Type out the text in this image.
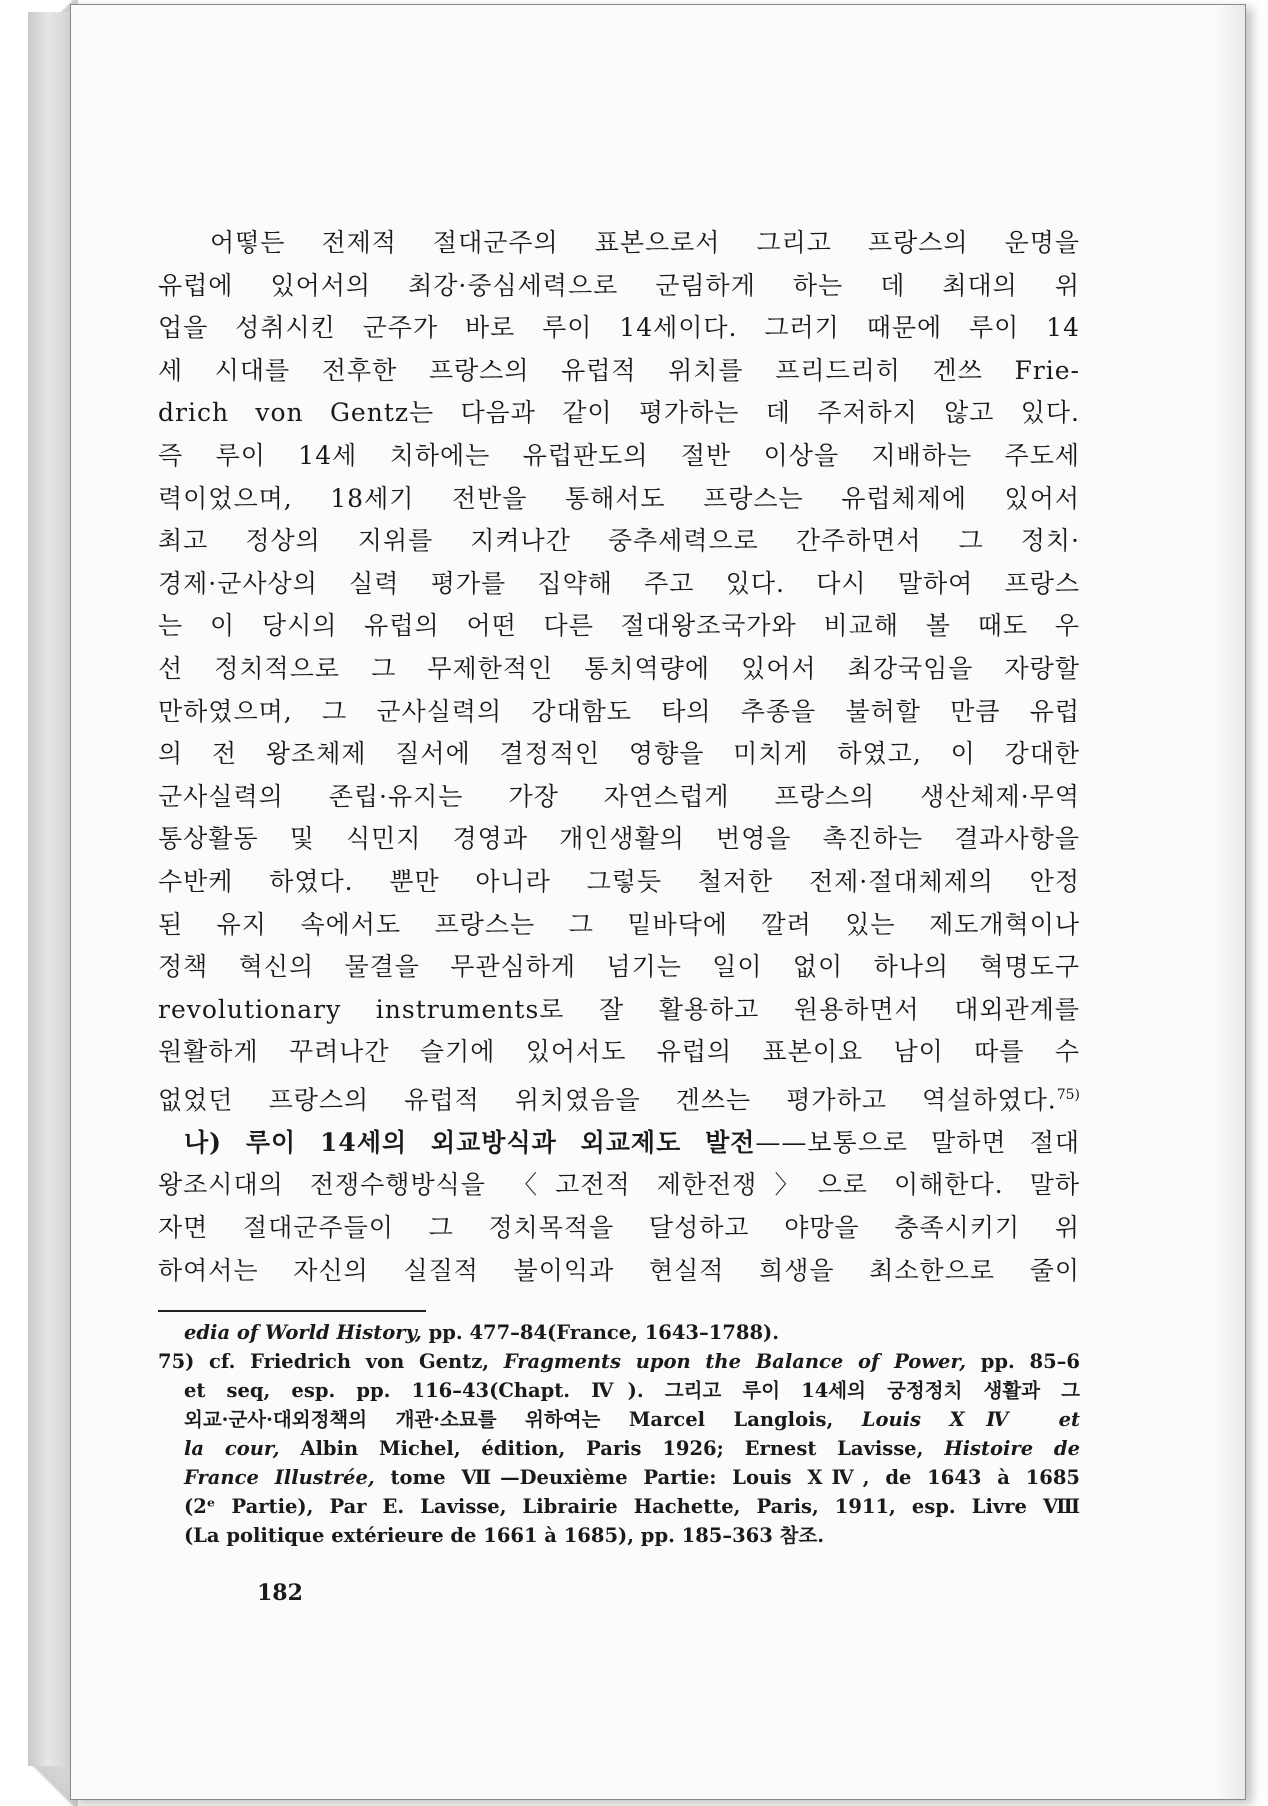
어떻든 전제적 절대군주의 표본으로서 그리고 프랑스의 운명을

유럽에 있어서의 최강·중심세력으로 군림하게 하는 데 최대의 위

업을 성취시킨 군주가 바로 루이 14세이다. 그러기 때문에 루이 14

세 시대를 전후한 프랑스의 유럽적 위치를 프리드리히 겐쓰 Frie-

drich von Gentz는 다음과 같이 평가하는 데 주저하지 않고 있다.

즉 루이 14세 치하에는 유럽판도의 절반 이상을 지배하는 주도세

력이었으며, 18세기 전반을 통해서도 프랑스는 유럽체제에 있어서

최고 정상의 지위를 지켜나간 중추세력으로 간주하면서 그 정치·

경제·군사상의 실력 평가를 집약해 주고 있다. 다시 말하여 프랑스

는 이 당시의 유럽의 어떤 다른 절대왕조국가와 비교해 볼 때도 우

선 정치적으로 그 무제한적인 통치역량에 있어서 최강국임을 자랑할

만하였으며, 그 군사실력의 강대함도 타의 추종을 불허할 만큼 유럽

의 전 왕조체제 질서에 결정적인 영향을 미치게 하였고, 이 강대한

군사실력의 존립·유지는 가장 자연스럽게 프랑스의 생산체제·무역

통상활동 및 식민지 경영과 개인생활의 번영을 촉진하는 결과사항을

수반케 하였다. 뿐만 아니라 그렇듯 철저한 전제·절대체제의 안정

된 유지 속에서도 프랑스는 그 밑바닥에 깔려 있는 제도개혁이나

정책 혁신의 물결을 무관심하게 넘기는 일이 없이 하나의 혁명도구

revolutionary instruments로 잘 활용하고 원용하면서 대외관계를

원활하게 꾸려나간 슬기에 있어서도 유럽의 표본이요 남이 따를 수

없었던 프랑스의 유럽적 위치였음을 겐쓰는 평가하고 역설하였다.$^{75)}$

나) 루이 14세의 외교방식과 외교제도 발전——보통으로 말하면 절대

왕조시대의 전쟁수행방식을 〈고전적 제한전쟁〉으로 이해한다. 말하

자면 절대군주들이 그 정치목적을 달성하고 야망을 충족시키기 위

하여서는 자신의 실질적 불이익과 현실적 희생을 최소한으로 줄이

edia of World History, pp. 477–84(France, 1643–1788).

75) cf. Friedrich von Gentz, Fragments upon the Balance of Power, pp. 85–6

et seq, esp. pp. 116–43(Chapt. Ⅳ). 그리고 루이 14세의 궁정정치 생활과 그

외교·군사·대외정책의 개관·소묘를 위하여는 Marcel Langlois, Louis ⅩⅣ et

la cour, Albin Michel, édition, Paris 1926; Ernest Lavisse, Histoire de

France Illustrée, tome Ⅶ—Deuxième Partie: Louis ⅩⅣ, de 1643 à 1685

(2ᵉ Partie), Par E. Lavisse, Librairie Hachette, Paris, 1911, esp. Livre Ⅷ

(La politique extérieure de 1661 à 1685), pp. 185–363 참조.

182
